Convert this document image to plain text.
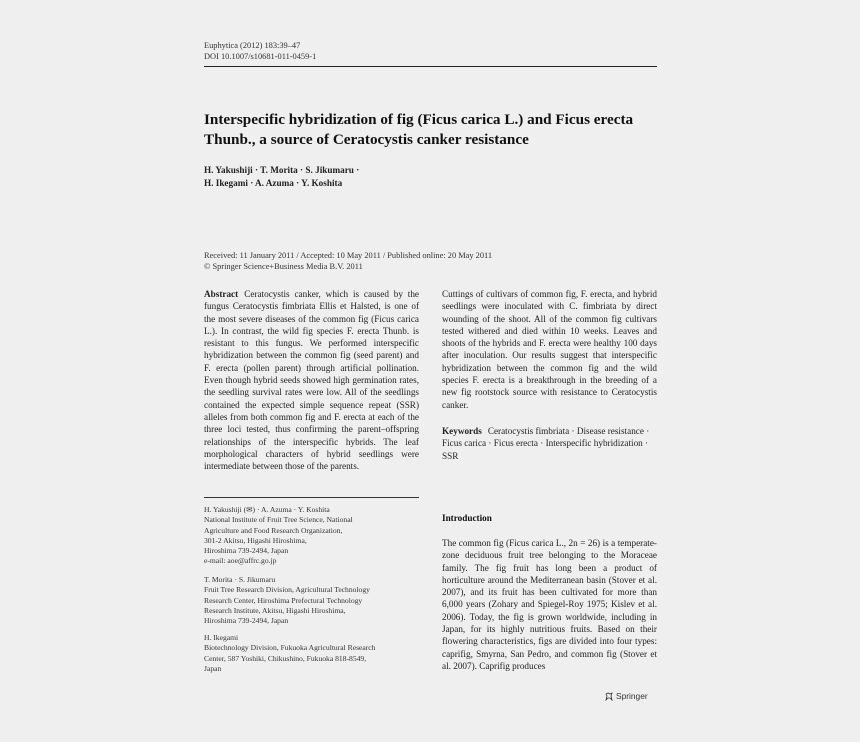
Euphytica (2012) 183:39–47
DOI 10.1007/s10681-011-0459-1
Interspecific hybridization of fig (Ficus carica L.) and Ficus erecta Thunb., a source of Ceratocystis canker resistance
H. Yakushiji · T. Morita · S. Jikumaru ·
H. Ikegami · A. Azuma · Y. Koshita
Received: 11 January 2011 / Accepted: 10 May 2011 / Published online: 20 May 2011
© Springer Science+Business Media B.V. 2011
Abstract Ceratocystis canker, which is caused by the fungus Ceratocystis fimbriata Ellis et Halsted, is one of the most severe diseases of the common fig (Ficus carica L.). In contrast, the wild fig species F. erecta Thunb. is resistant to this fungus. We performed interspecific hybridization between the common fig (seed parent) and F. erecta (pollen parent) through artificial pollination. Even though hybrid seeds showed high germination rates, the seedling survival rates were low. All of the seedlings contained the expected simple sequence repeat (SSR) alleles from both common fig and F. erecta at each of the three loci tested, thus confirming the parent–offspring relationships of the interspecific hybrids. The leaf morphological characters of hybrid seedlings were intermediate between those of the parents.
Cuttings of cultivars of common fig, F. erecta, and hybrid seedlings were inoculated with C. fimbriata by direct wounding of the shoot. All of the common fig cultivars tested withered and died within 10 weeks. Leaves and shoots of the hybrids and F. erecta were healthy 100 days after inoculation. Our results suggest that interspecific hybridization between the common fig and the wild species F. erecta is a breakthrough in the breeding of a new fig rootstock source with resistance to Ceratocystis canker.
Keywords Ceratocystis fimbriata · Disease resistance · Ficus carica · Ficus erecta · Interspecific hybridization · SSR
H. Yakushiji (✉) · A. Azuma · Y. Koshita
National Institute of Fruit Tree Science, National
Agriculture and Food Research Organization,
301-2 Akitsu, Higashi Hiroshima,
Hiroshima 739-2494, Japan
e-mail: aoe@affrc.go.jp
T. Morita · S. Jikumaru
Fruit Tree Research Division, Agricultural Technology
Research Center, Hiroshima Prefectural Technology
Research Institute, Akitsu, Higashi Hiroshima,
Hiroshima 739-2494, Japan
H. Ikegami
Biotechnology Division, Fukuoka Agricultural Research
Center, 587 Yoshiki, Chikushino, Fukuoka 818-8549,
Japan
Introduction
The common fig (Ficus carica L., 2n = 26) is a temperate-zone deciduous fruit tree belonging to the Moraceae family. The fig fruit has long been a product of horticulture around the Mediterranean basin (Stover et al. 2007), and its fruit has been cultivated for more than 6,000 years (Zohary and Spiegel-Roy 1975; Kislev et al. 2006). Today, the fig is grown worldwide, including in Japan, for its highly nutritious fruits. Based on their flowering characteristics, figs are divided into four types: caprifig, Smyrna, San Pedro, and common fig (Stover et al. 2007). Caprifig produces
Springer
